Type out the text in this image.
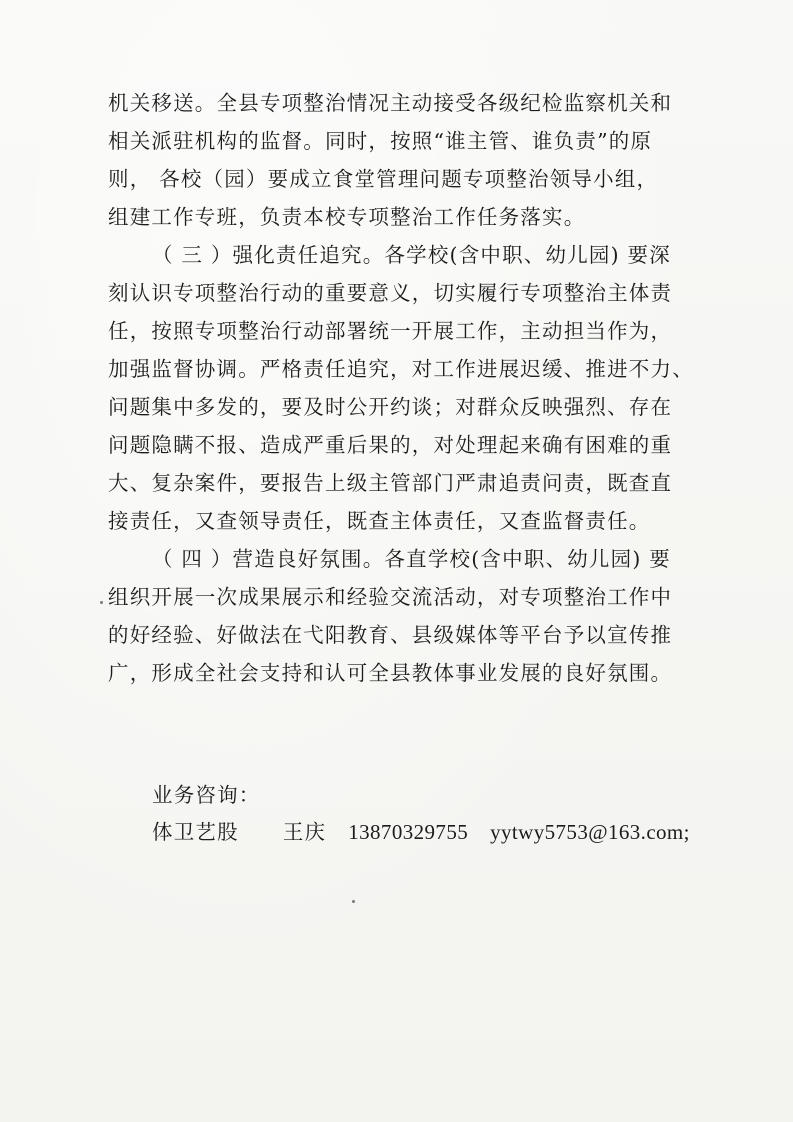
机关移送。全县专项整治情况主动接受各级纪检监察机关和
相关派驻机构的监督。同时，按照“谁主管、谁负责”的原
则， 各校（园）要成立食堂管理问题专项整治领导小组，
组建工作专班，负责本校专项整治工作任务落实。
（ 三 ）强化责任追究。各学校(含中职、幼儿园) 要深
刻认识专项整治行动的重要意义，切实履行专项整治主体责
任，按照专项整治行动部署统一开展工作，主动担当作为，
加强监督协调。严格责任追究，对工作进展迟缓、推进不力、
问题集中多发的，要及时公开约谈；对群众反映强烈、存在
问题隐瞒不报、造成严重后果的，对处理起来确有困难的重
大、复杂案件，要报告上级主管部门严肃追责问责，既查直
接责任，又查领导责任，既查主体责任，又查监督责任。
（ 四 ）营造良好氛围。各直学校(含中职、幼儿园) 要
组织开展一次成果展示和经验交流活动，对专项整治工作中
的好经验、好做法在弋阳教育、县级媒体等平台予以宣传推
广，形成全社会支持和认可全县教体事业发展的良好氛围。
业务咨询：
体卫艺股 王庆 13870329755 yytwy5753@163.com;
